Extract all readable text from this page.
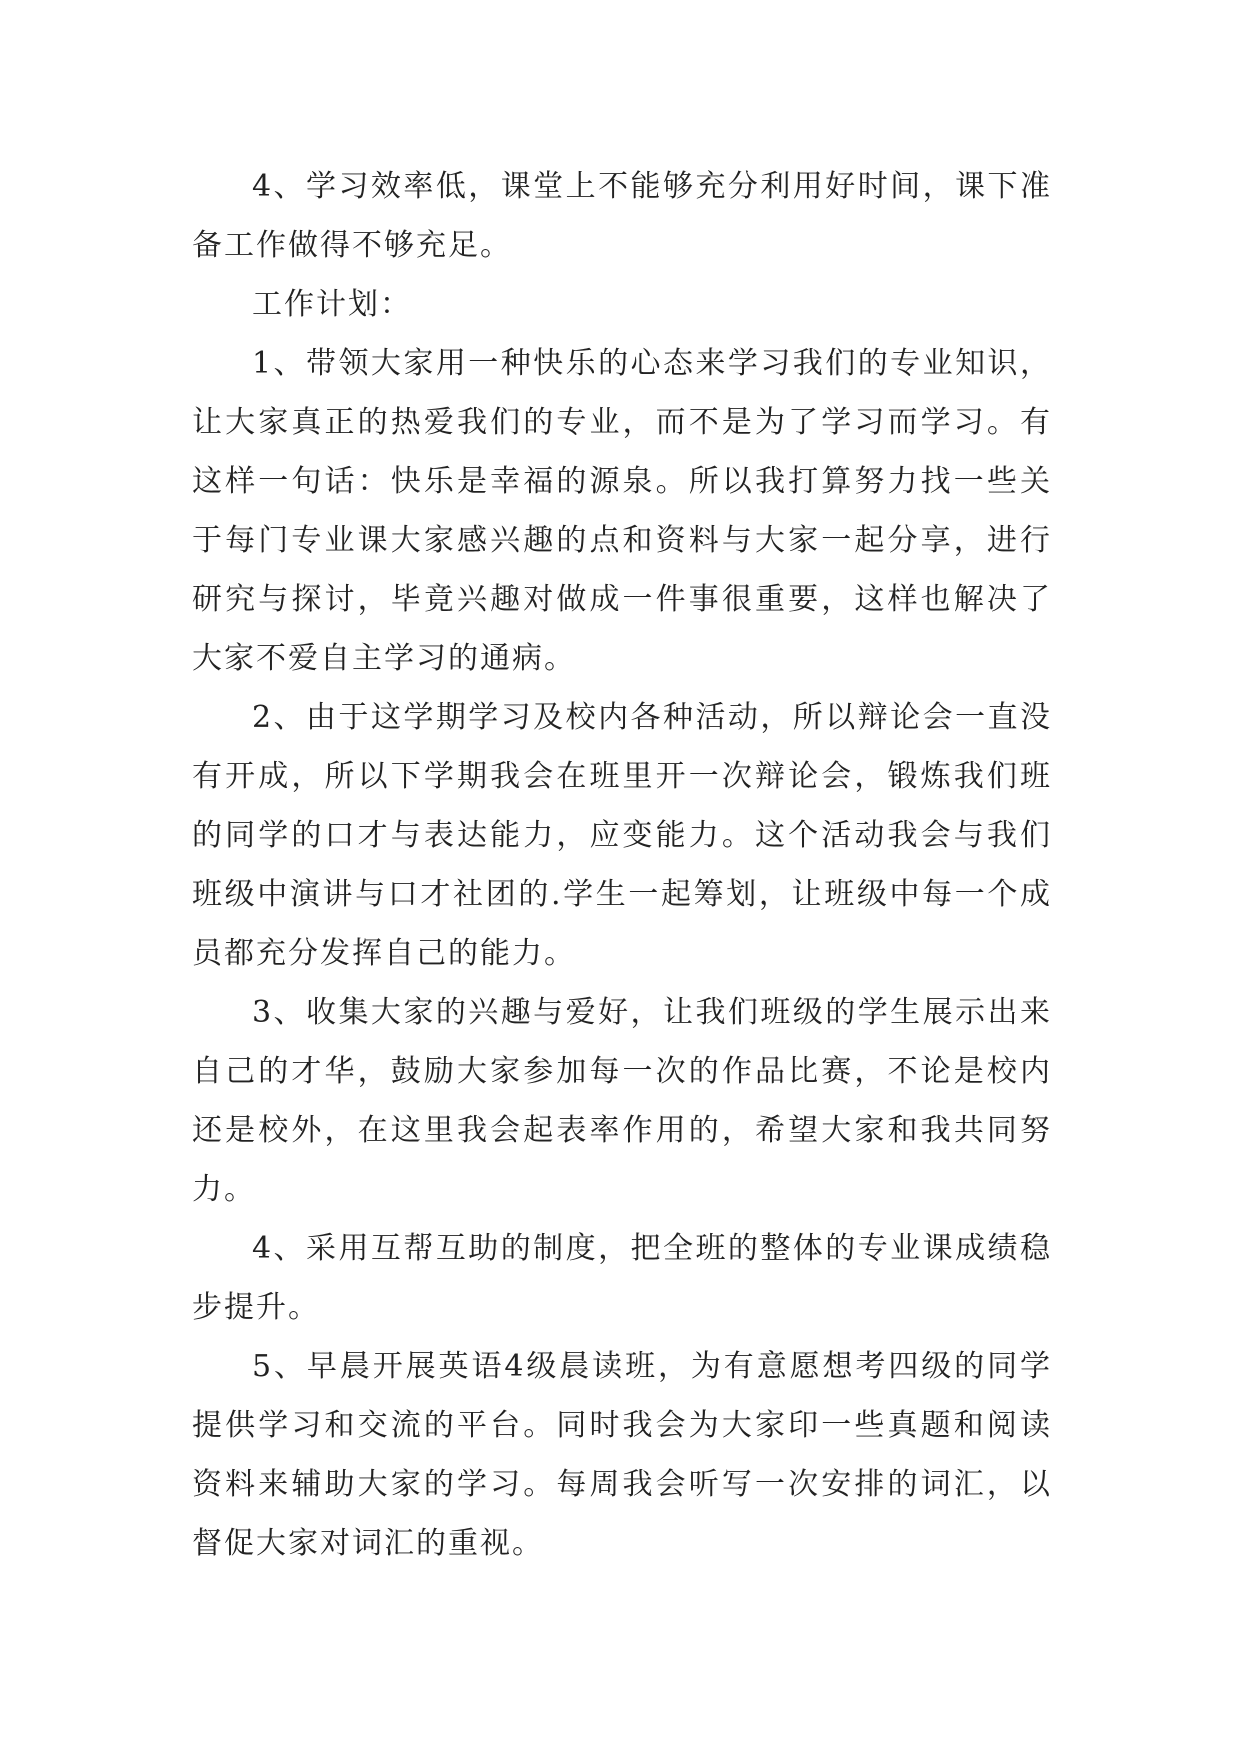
4、学习效率低，课堂上不能够充分利用好时间，课下准备工作做得不够充足。

工作计划：

1、带领大家用一种快乐的心态来学习我们的专业知识，让大家真正的热爱我们的专业，而不是为了学习而学习。有这样一句话：快乐是幸福的源泉。所以我打算努力找一些关于每门专业课大家感兴趣的点和资料与大家一起分享，进行研究与探讨，毕竟兴趣对做成一件事很重要，这样也解决了大家不爱自主学习的通病。

2、由于这学期学习及校内各种活动，所以辩论会一直没有开成，所以下学期我会在班里开一次辩论会，锻炼我们班的同学的口才与表达能力，应变能力。这个活动我会与我们班级中演讲与口才社团的.学生一起筹划，让班级中每一个成员都充分发挥自己的能力。

3、收集大家的兴趣与爱好，让我们班级的学生展示出来自己的才华，鼓励大家参加每一次的作品比赛，不论是校内还是校外，在这里我会起表率作用的，希望大家和我共同努力。

4、采用互帮互助的制度，把全班的整体的专业课成绩稳步提升。

5、早晨开展英语4级晨读班，为有意愿想考四级的同学提供学习和交流的平台。同时我会为大家印一些真题和阅读资料来辅助大家的学习。每周我会听写一次安排的词汇，以督促大家对词汇的重视。
